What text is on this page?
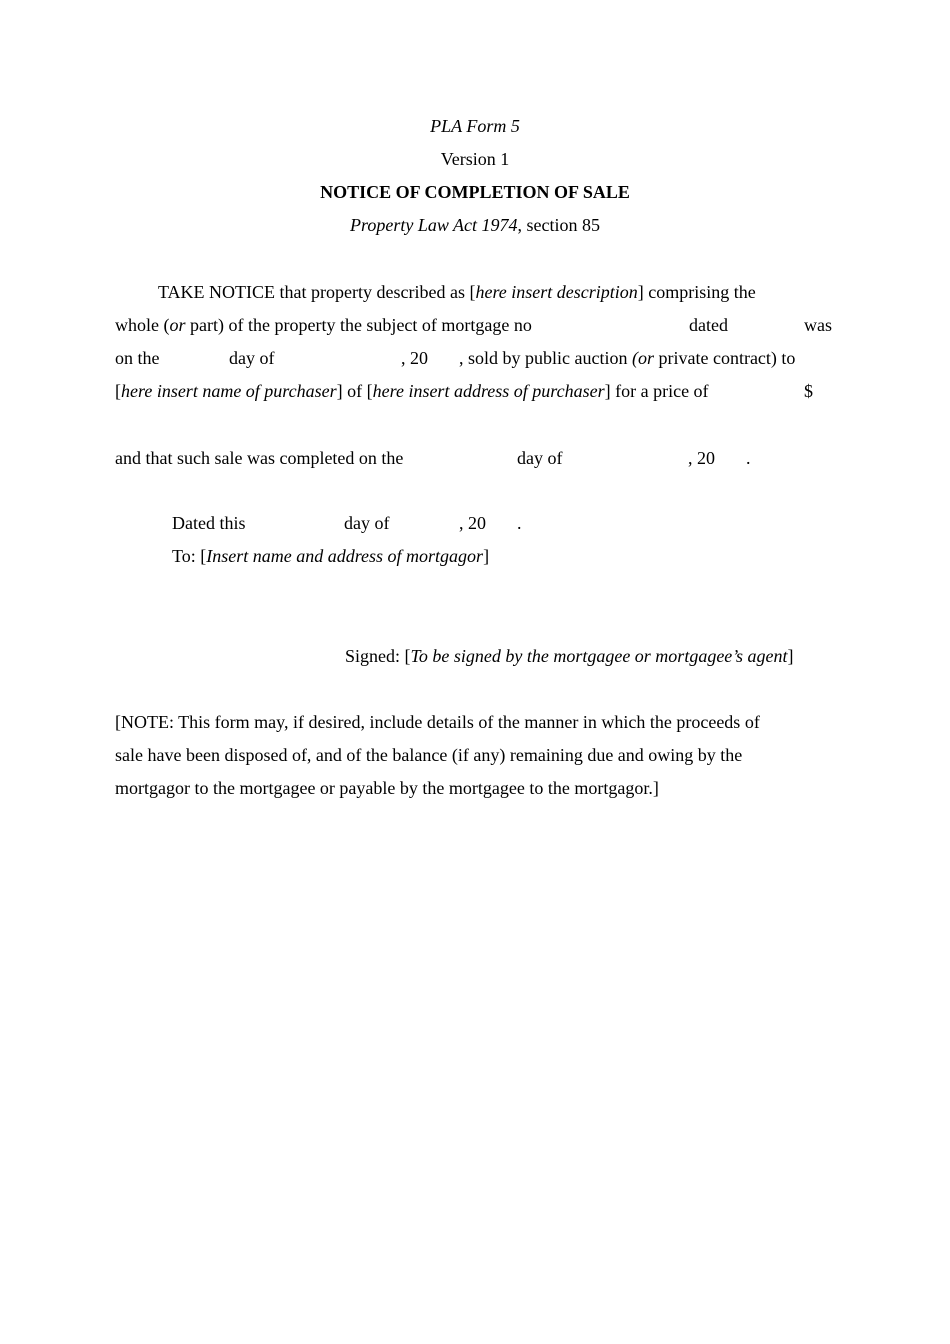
PLA Form 5
Version 1
NOTICE OF COMPLETION OF SALE
Property Law Act 1974, section 85
TAKE NOTICE that property described as [here insert description] comprising the
whole (or part) of the property the subject of mortgage no	dated	was
on the	day of	, 20 , sold by public auction (or private contract) to
[here insert name of purchaser] of [here insert address of purchaser] for a price of	$
and that such sale was completed on the	day of	, 20 .
Dated this	day of	, 20 .
To: [Insert name and address of mortgagor]
Signed: [To be signed by the mortgagee or mortgagee’s agent]
[NOTE: This form may, if desired, include details of the manner in which the proceeds of
sale have been disposed of, and of the balance (if any) remaining due and owing by the
mortgagor to the mortgagee or payable by the mortgagee to the mortgagor.]
